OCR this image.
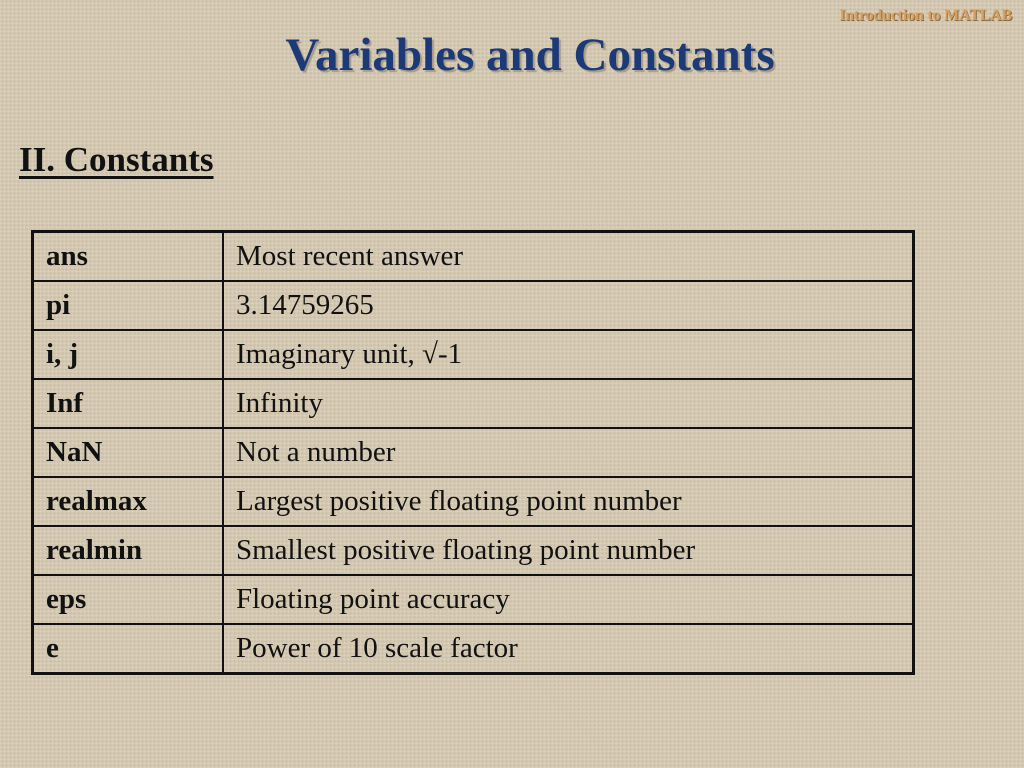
Introduction to MATLAB
Variables and Constants
II. Constants
ans	Most recent answer
pi	3.14759265
i, j	Imaginary unit, √-1
Inf	Infinity
NaN	Not a number
realmax	Largest positive floating point number
realmin	Smallest positive floating point number
eps	Floating point accuracy
e	Power of 10 scale factor
